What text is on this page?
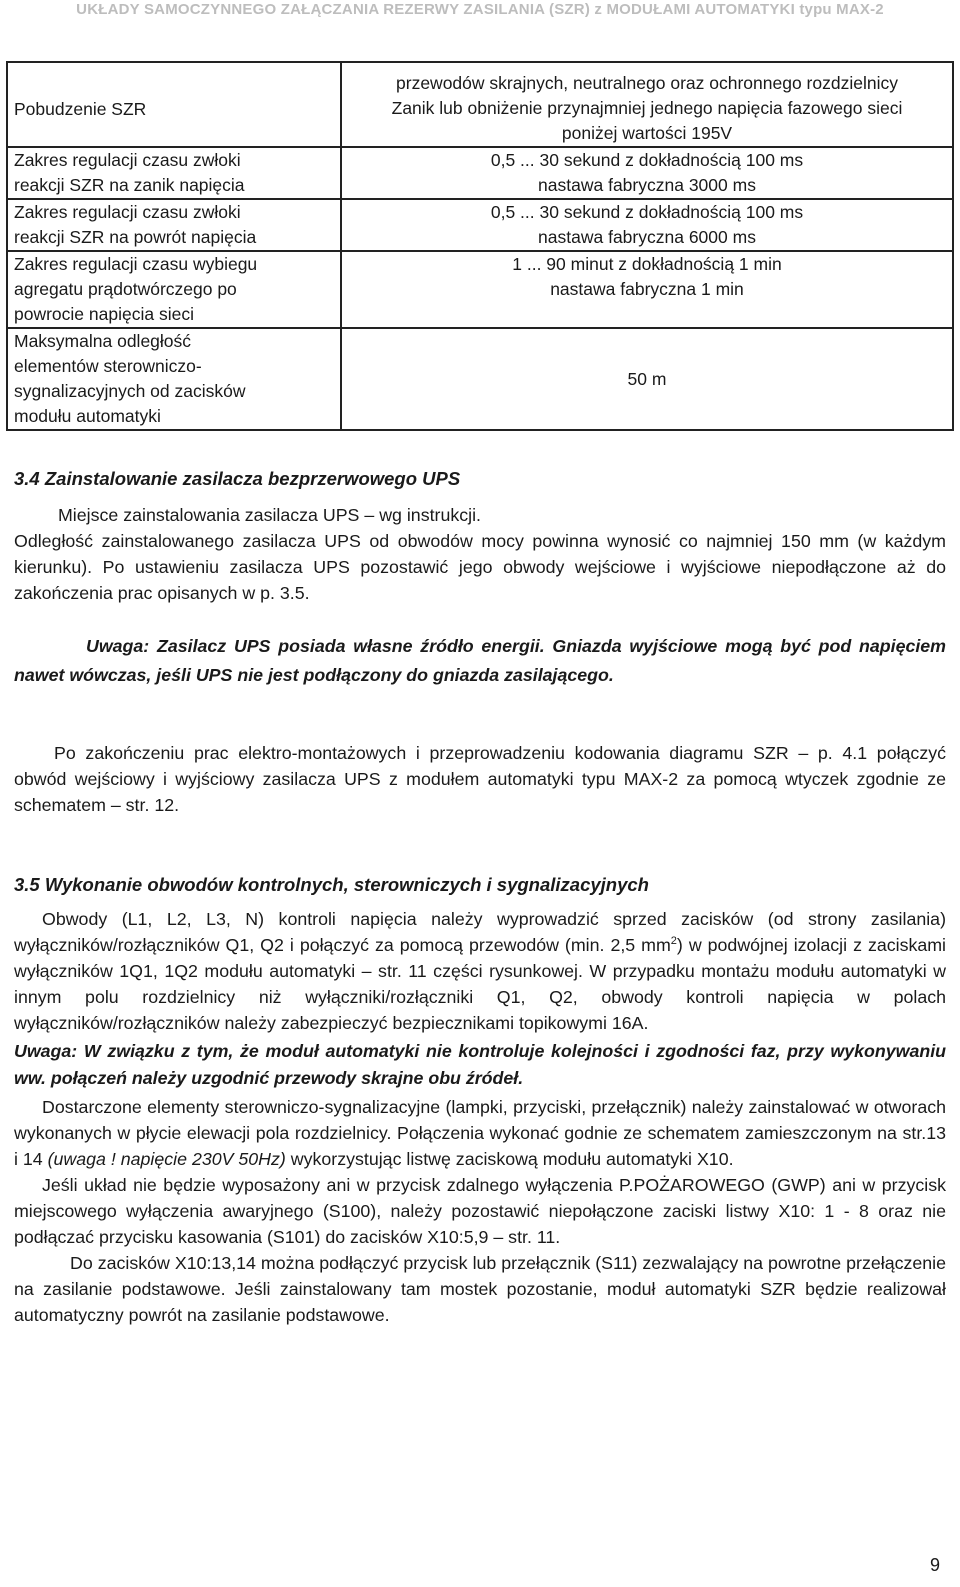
UKŁADY SAMOCZYNNEGO ZAŁĄCZANIA REZERWY ZASILANIA (SZR) z MODUŁAMI AUTOMATYKI typu MAX-2
Pobudzenie SZR	przewodów skrajnych, neutralnego oraz ochronnego rozdzielnicy
Zanik lub obniżenie przynajmniej jednego napięcia fazowego sieci
poniżej wartości 195V

Zakres regulacji czasu zwłoki
reakcji SZR na zanik napięcia	0,5 ... 30 sekund z dokładnością 100 ms
nastawa fabryczna 3000 ms

Zakres regulacji czasu zwłoki
reakcji SZR na powrót napięcia	0,5 ... 30 sekund z dokładnością 100 ms
nastawa fabryczna 6000 ms

Zakres regulacji czasu wybiegu
agregatu prądotwórczego po
powrocie napięcia sieci	1 ... 90 minut z dokładnością 1 min
nastawa fabryczna 1 min

Maksymalna odległość
elementów sterowniczo-
sygnalizacyjnych od zacisków
modułu automatyki	50 m
3.4 Zainstalowanie zasilacza bezprzerwowego UPS

Miejsce zainstalowania zasilacza UPS – wg instrukcji.

Odległość zainstalowanego zasilacza UPS od obwodów mocy powinna wynosić co najmniej 150 mm (w każdym kierunku). Po ustawieniu zasilacza UPS pozostawić jego obwody wejściowe i wyjściowe niepodłączone aż do zakończenia prac opisanych w p. 3.5.

Uwaga: Zasilacz UPS posiada własne źródło energii. Gniazda wyjściowe mogą być pod napięciem nawet wówczas, jeśli UPS nie jest podłączony do gniazda zasilającego.

Po zakończeniu prac elektro-montażowych i przeprowadzeniu kodowania diagramu SZR – p. 4.1 połączyć obwód wejściowy i wyjściowy zasilacza UPS z modułem automatyki typu MAX-2 za pomocą wtyczek zgodnie ze schematem – str. 12.

3.5 Wykonanie obwodów kontrolnych, sterowniczych i sygnalizacyjnych

Obwody (L1, L2, L3, N) kontroli napięcia należy wyprowadzić sprzed zacisków (od strony zasilania) wyłączników/rozłączników Q1, Q2 i połączyć za pomocą przewodów (min. 2,5 $mm^2$) w podwójnej izolacji z zaciskami wyłączników 1Q1, 1Q2 modułu automatyki – str. 11 części rysunkowej. W przypadku montażu modułu automatyki w innym polu rozdzielnicy niż wyłączniki/rozłączniki Q1, Q2, obwody kontroli napięcia w polach wyłączników/rozłączników należy zabezpieczyć bezpiecznikami topikowymi 16A.

Uwaga: W związku z tym, że moduł automatyki nie kontroluje kolejności i zgodności faz, przy wykonywaniu ww. połączeń należy uzgodnić przewody skrajne obu źródeł.

Dostarczone elementy sterowniczo-sygnalizacyjne (lampki, przyciski, przełącznik) należy zainstalować w otworach wykonanych w płycie elewacji pola rozdzielnicy. Połączenia wykonać godnie ze schematem zamieszczonym na str.13 i 14 (uwaga ! napięcie 230V 50Hz) wykorzystując listwę zaciskową modułu automatyki X10.

Jeśli układ nie będzie wyposażony ani w przycisk zdalnego wyłączenia P.POŻAROWEGO (GWP) ani w przycisk miejscowego wyłączenia awaryjnego (S100), należy pozostawić niepołączone zaciski listwy X10: 1 - 8 oraz nie podłączać przycisku kasowania (S101) do zacisków X10:5,9 – str. 11.

Do zacisków X10:13,14 można podłączyć przycisk lub przełącznik (S11) zezwalający na powrotne przełączenie na zasilanie podstawowe. Jeśli zainstalowany tam mostek pozostanie, moduł automatyki SZR będzie realizował automatyczny powrót na zasilanie podstawowe.

9
